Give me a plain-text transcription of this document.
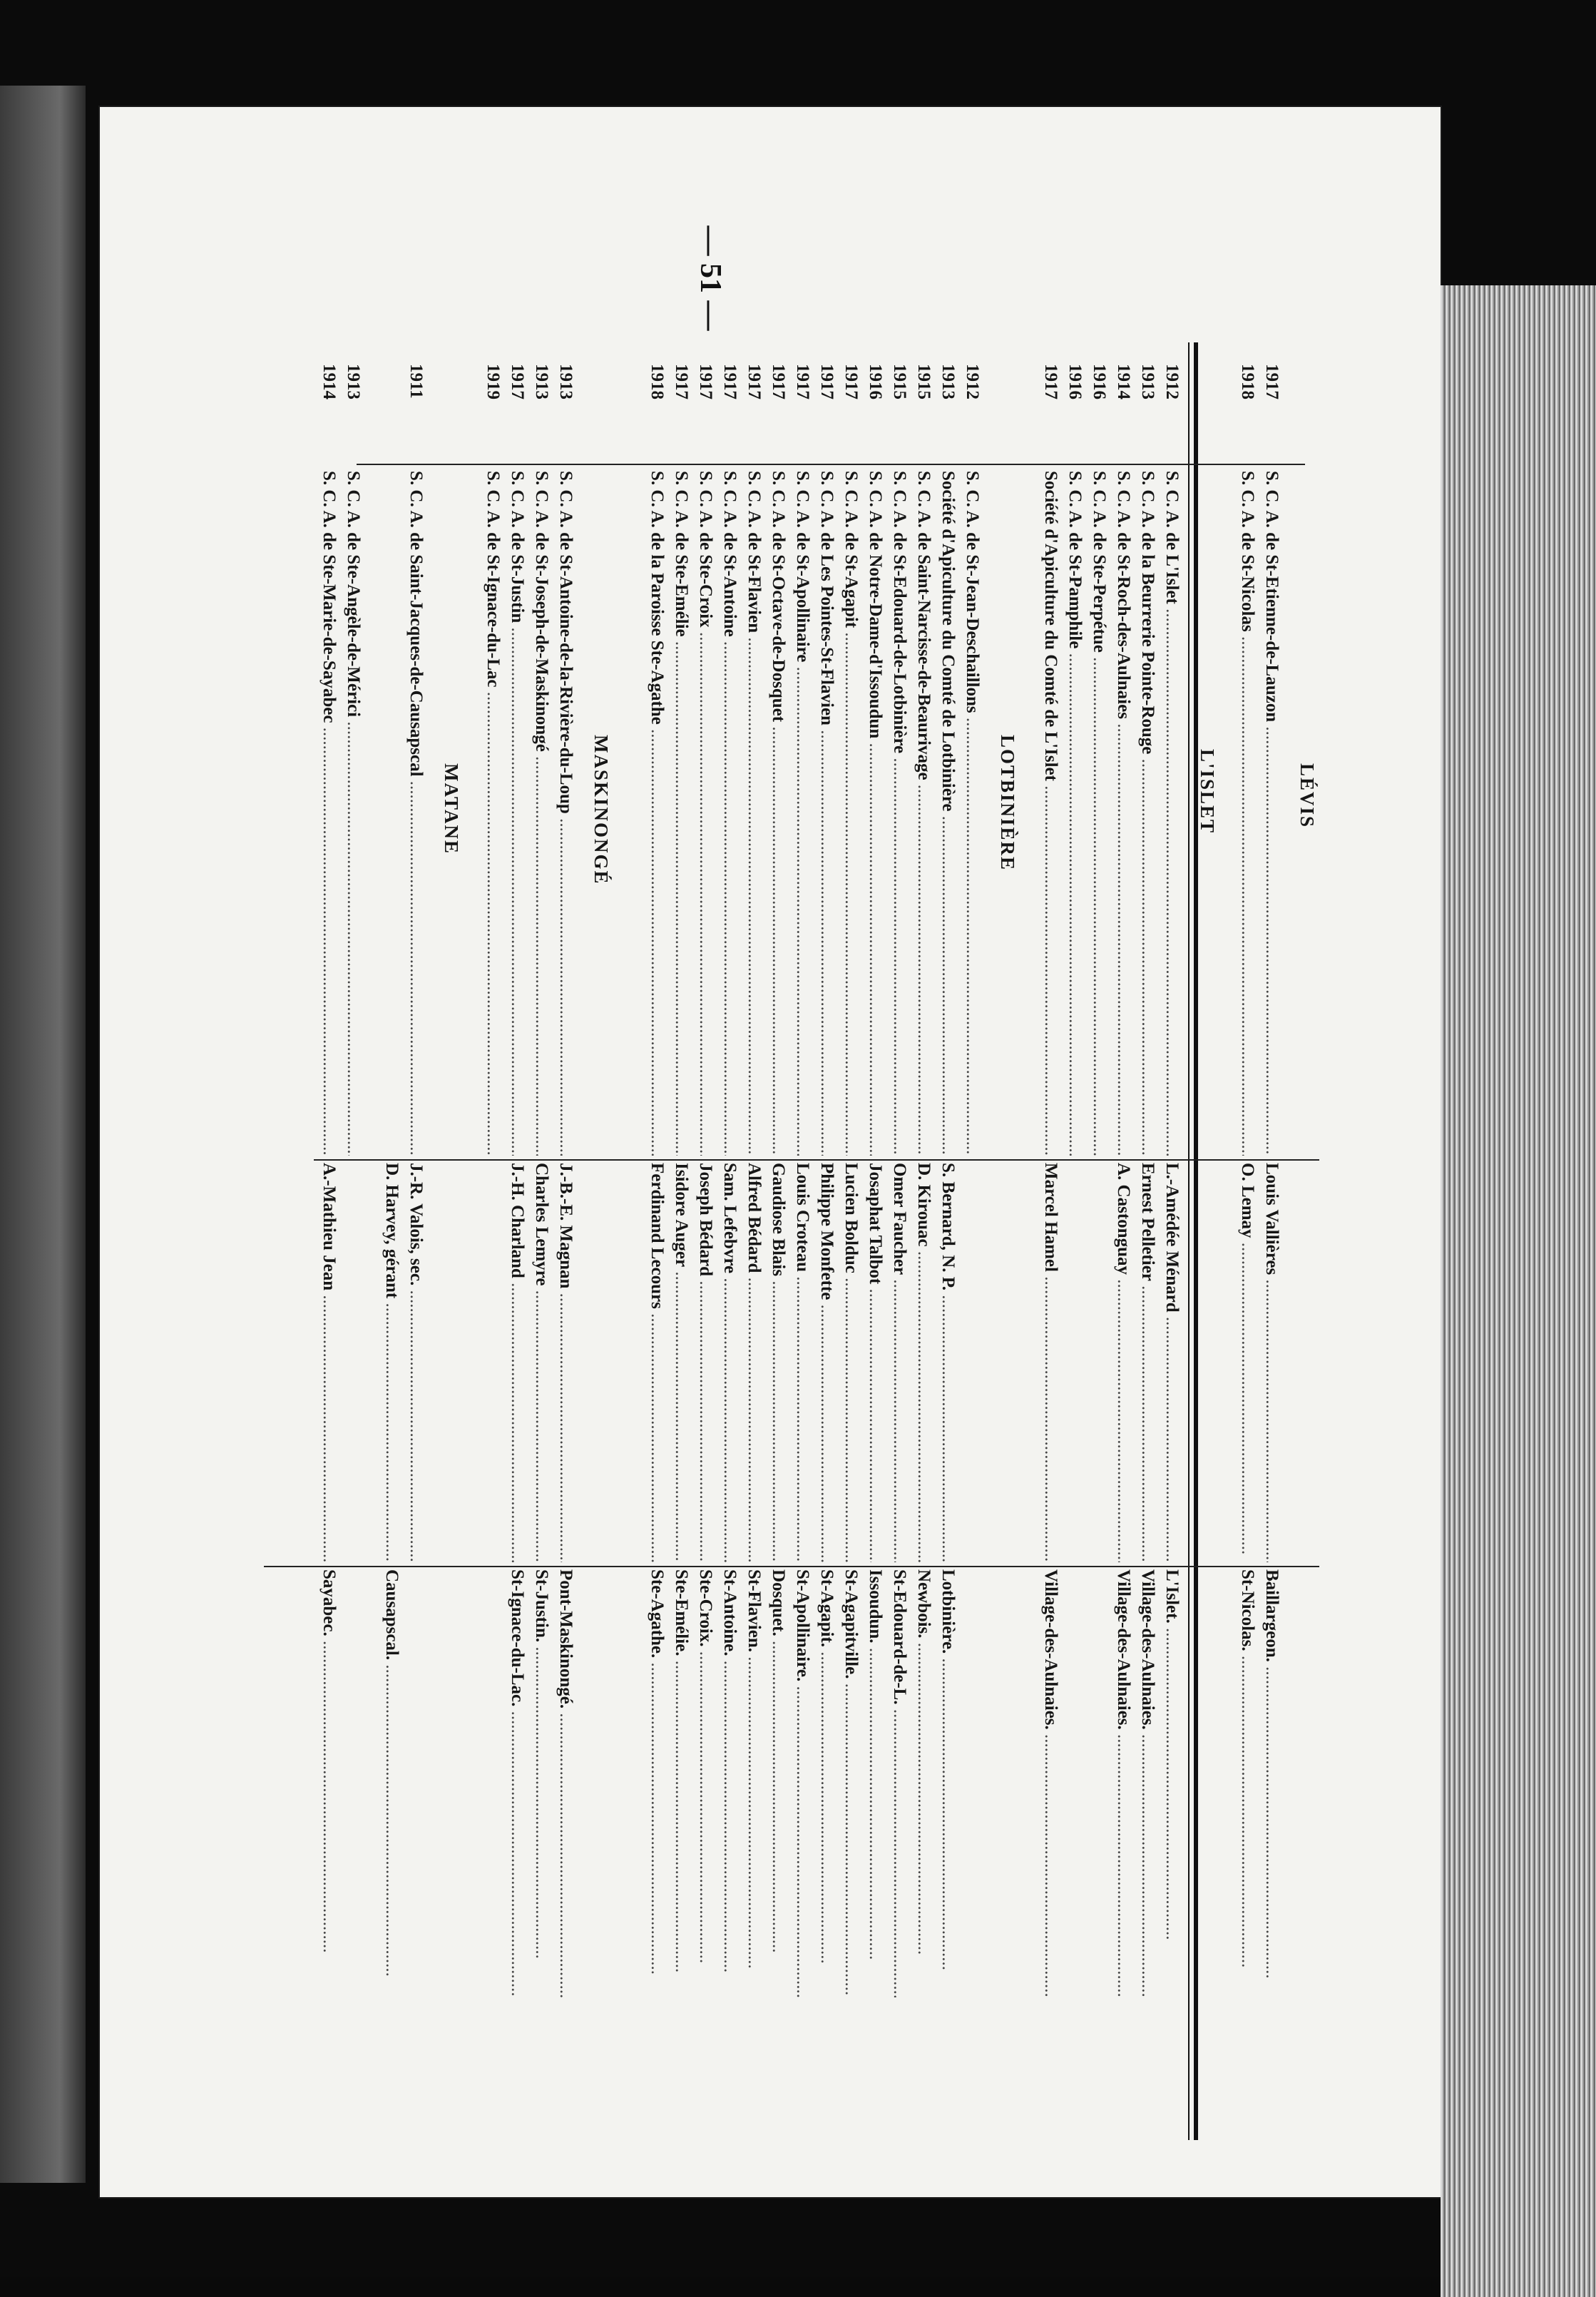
— 51 —
LÉVIS
1917
S. C. A. de St-Etienne-de-Lauzon .....
Louis Vallières .....
Baillargeon. .....
1918
S. C. A. de St-Nicolas .....
O. Lemay .....
St-Nicolas. .....
L'ISLET
1912
S. C. A. de L'Islet .....
L.-Amédée Ménard .....
L'Islet. .....
1913
S. C. A. de la Beurrerie Pointe-Rouge .....
Ernest Pelletier .....
Village-des-Aulnaies. .....
1914
S. C. A. de St-Roch-des-Aulnaies .....
A. Castonguay .....
Village-des-Aulnaies. .....
1916
S. C. A. de Ste-Perpétue .....
1916
S. C. A. de St-Pamphile .....
1917
Société d'Apiculture du Comté de L'Islet .....
Marcel Hamel .....
Village-des-Aulnaies. .....
LOTBINIÈRE
1912
S. C. A. de St-Jean-Deschaillons .....
1913
Société d'Apiculture du Comté de Lotbinière .....
S. Bernard, N. P. .....
Lotbinière. .....
1915
S. C. A. de Saint-Narcisse-de-Beaurivage .....
D. Kirouac .....
Newbois. .....
1915
S. C. A. de St-Edouard-de-Lotbinière .....
Omer Faucher .....
St-Edouard-de-L. .....
1916
S. C. A. de Notre-Dame-d'Issoudun .....
Josaphat Talbot .....
Issoudun. .....
1917
S. C. A. de St-Agapit .....
Lucien Bolduc .....
St-Agapitville. .....
1917
S. C. A. de Les Pointes-St-Flavien .....
Philippe Monfette .....
St-Agapit. .....
1917
S. C. A. de St-Apollinaire .....
Louis Croteau .....
St-Apollinaire. .....
1917
S. C. A. de St-Octave-de-Dosquet .....
Gaudiose Blais .....
Dosquet. .....
1917
S. C. A. de St-Flavien .....
Alfred Bédard .....
St-Flavien. .....
1917
S. C. A. de St-Antoine .....
Sam. Lefebvre .....
St-Antoine. .....
1917
S. C. A. de Ste-Croix .....
Joseph Bédard .....
Ste-Croix. .....
1917
S. C. A. de Ste-Emélie .....
Isidore Auger .....
Ste-Emélie. .....
1918
S. C. A. de la Paroisse Ste-Agathe .....
Ferdinand Lecours .....
Ste-Agathe. .....
MASKINONGÉ
1913
S. C. A. de St-Antoine-de-la-Rivière-du-Loup .....
J.-B.-E. Magnan .....
Pont-Maskinongé. .....
1913
S. C. A. de St-Joseph-de-Maskinongé .....
Charles Lemyre .....
St-Justin. .....
1917
S. C. A. de St-Justin .....
J.-H. Charland .....
St-Ignace-du-Lac. .....
1919
S. C. A. de St-Ignace-du-Lac .....
MATANE
1911
S. C. A. de Saint-Jacques-de-Causapscal .....
J.-R. Valois, sec. .....
D. Harvey, gérant .....
Causapscal. .....
1913
S. C. A. de Ste-Angèle-de-Mérici .....
1914
S. C. A. de Ste-Marie-de-Sayabec .....
A.-Mathieu Jean .....
Sayabec. .....
